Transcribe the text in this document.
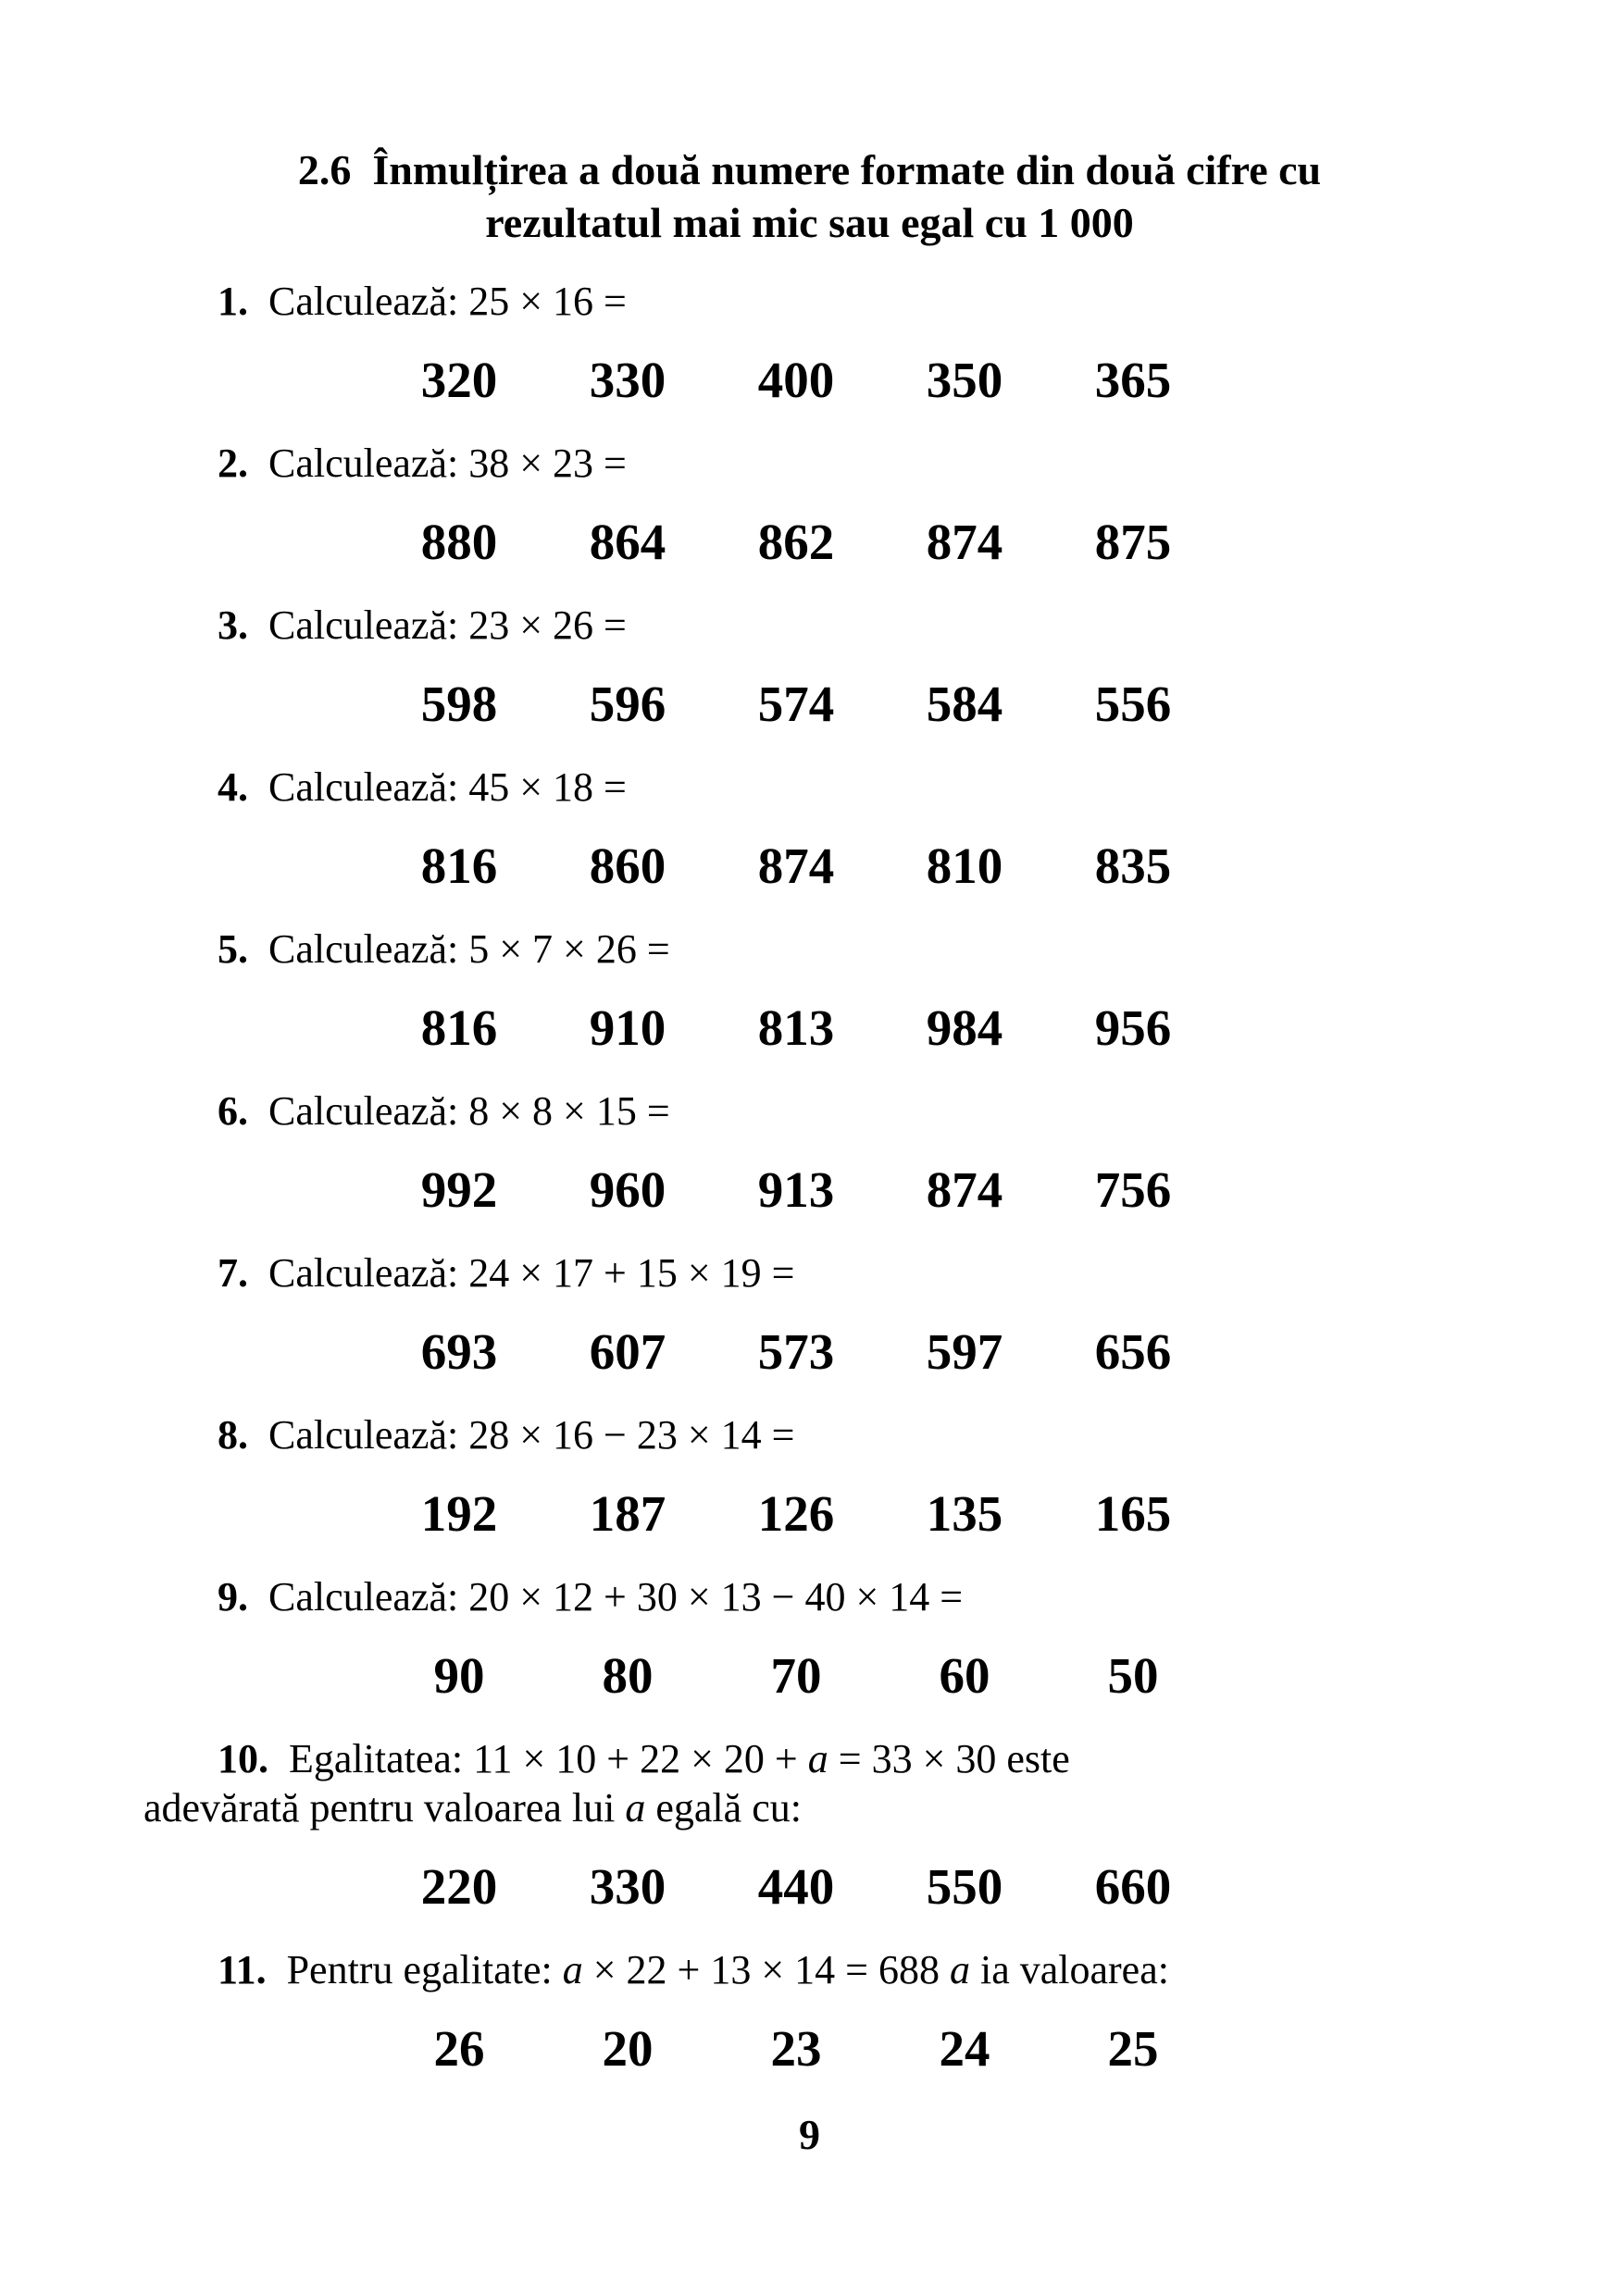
2.6 Înmulțirea a două numere formate din două cifre cu
rezultatul mai mic sau egal cu 1 000

1. Calculează: 25 × 16 =

320	330	400	350	365

2. Calculează: 38 × 23 =

880	864	862	874	875

3. Calculează: 23 × 26 =

598	596	574	584	556

4. Calculează: 45 × 18 =

816	860	874	810	835

5. Calculează: 5 × 7 × 26 =

816	910	813	984	956

6. Calculează: 8 × 8 × 15 =

992	960	913	874	756

7. Calculează: 24 × 17 + 15 × 19 =

693	607	573	597	656

8. Calculează: 28 × 16 − 23 × 14 =

192	187	126	135	165

9. Calculează: 20 × 12 + 30 × 13 − 40 × 14 =

90	80	70	60	50

10. Egalitatea: 11 × 10 + 22 × 20 + a = 33 × 30 este
adevărată pentru valoarea lui a egală cu:

220	330	440	550	660

11. Pentru egalitate: a × 22 + 13 × 14 = 688 a ia valoarea:

26	20	23	24	25
9
